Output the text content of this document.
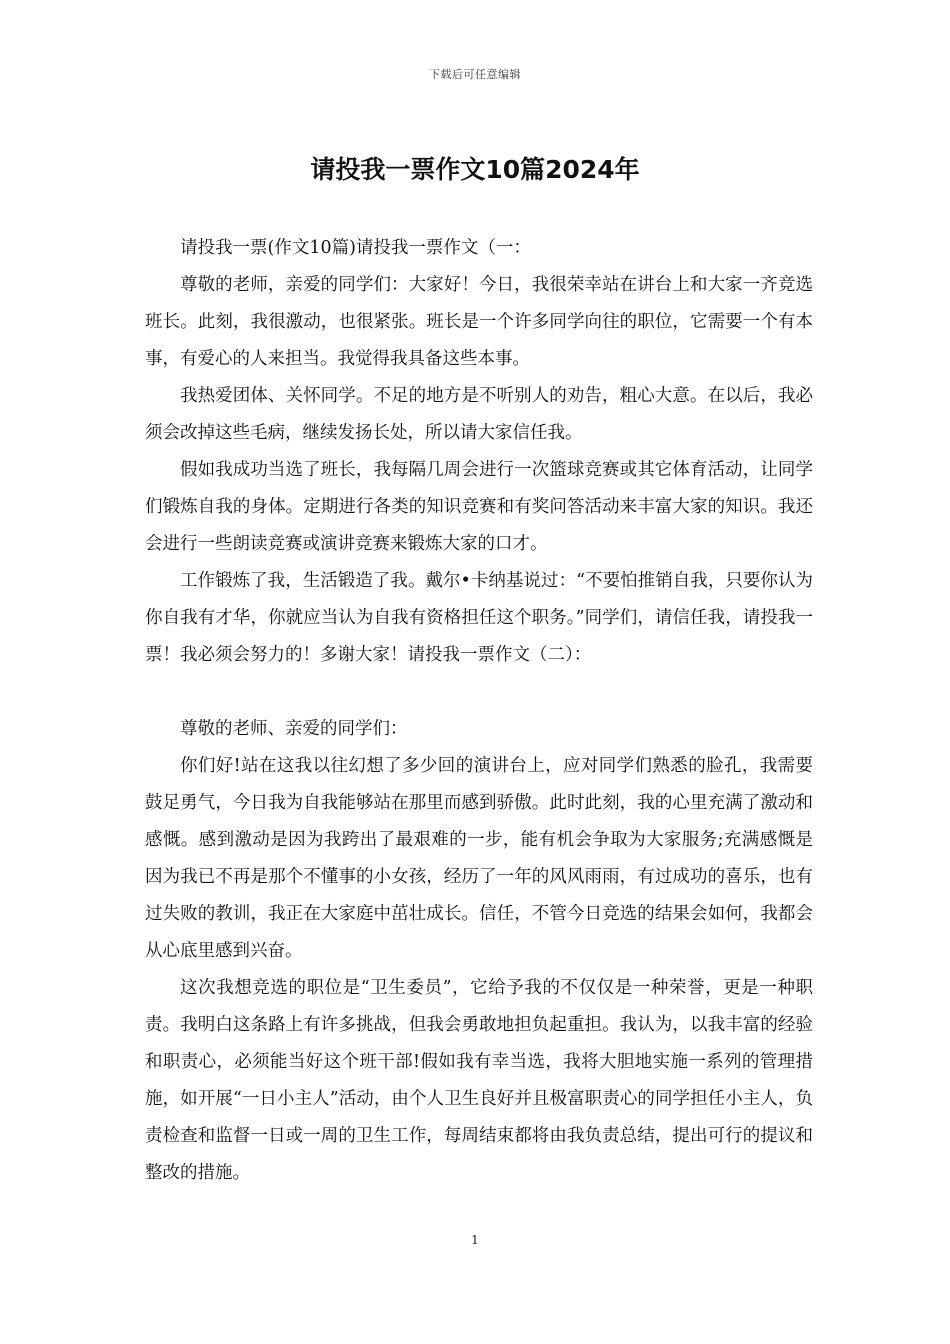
下载后可任意编辑
请投我一票作文10篇2024年

请投我一票(作文10篇)请投我一票作文（一：

尊敬的老师，亲爱的同学们：大家好！今日，我很荣幸站在讲台上和大家一齐竞选班长。此刻，我很激动，也很紧张。班长是一个许多同学向往的职位，它需要一个有本事，有爱心的人来担当。我觉得我具备这些本事。

我热爱团体、关怀同学。不足的地方是不听别人的劝告，粗心大意。在以后，我必须会改掉这些毛病，继续发扬长处，所以请大家信任我。

假如我成功当选了班长，我每隔几周会进行一次篮球竞赛或其它体育活动，让同学们锻炼自我的身体。定期进行各类的知识竞赛和有奖问答活动来丰富大家的知识。我还会进行一些朗读竞赛或演讲竞赛来锻炼大家的口才。

工作锻炼了我，生活锻造了我。戴尔•卡纳基说过：“不要怕推销自我，只要你认为你自我有才华，你就应当认为自我有资格担任这个职务。”同学们，请信任我，请投我一票！我必须会努力的！多谢大家！请投我一票作文（二）：

尊敬的老师、亲爱的同学们：

你们好!站在这我以往幻想了多少回的演讲台上，应对同学们熟悉的脸孔，我需要鼓足勇气，今日我为自我能够站在那里而感到骄傲。此时此刻，我的心里充满了激动和感慨。感到激动是因为我跨出了最艰难的一步，能有机会争取为大家服务;充满感慨是因为我已不再是那个不懂事的小女孩，经历了一年的风风雨雨，有过成功的喜乐，也有过失败的教训，我正在大家庭中茁壮成长。信任，不管今日竞选的结果会如何，我都会从心底里感到兴奋。

这次我想竞选的职位是“卫生委员”，它给予我的不仅仅是一种荣誉，更是一种职责。我明白这条路上有许多挑战，但我会勇敢地担负起重担。我认为，以我丰富的经验和职责心，必须能当好这个班干部!假如我有幸当选，我将大胆地实施一系列的管理措施，如开展“一日小主人”活动，由个人卫生良好并且极富职责心的同学担任小主人，负责检查和监督一日或一周的卫生工作，每周结束都将由我负责总结，提出可行的提议和整改的措施。

1
